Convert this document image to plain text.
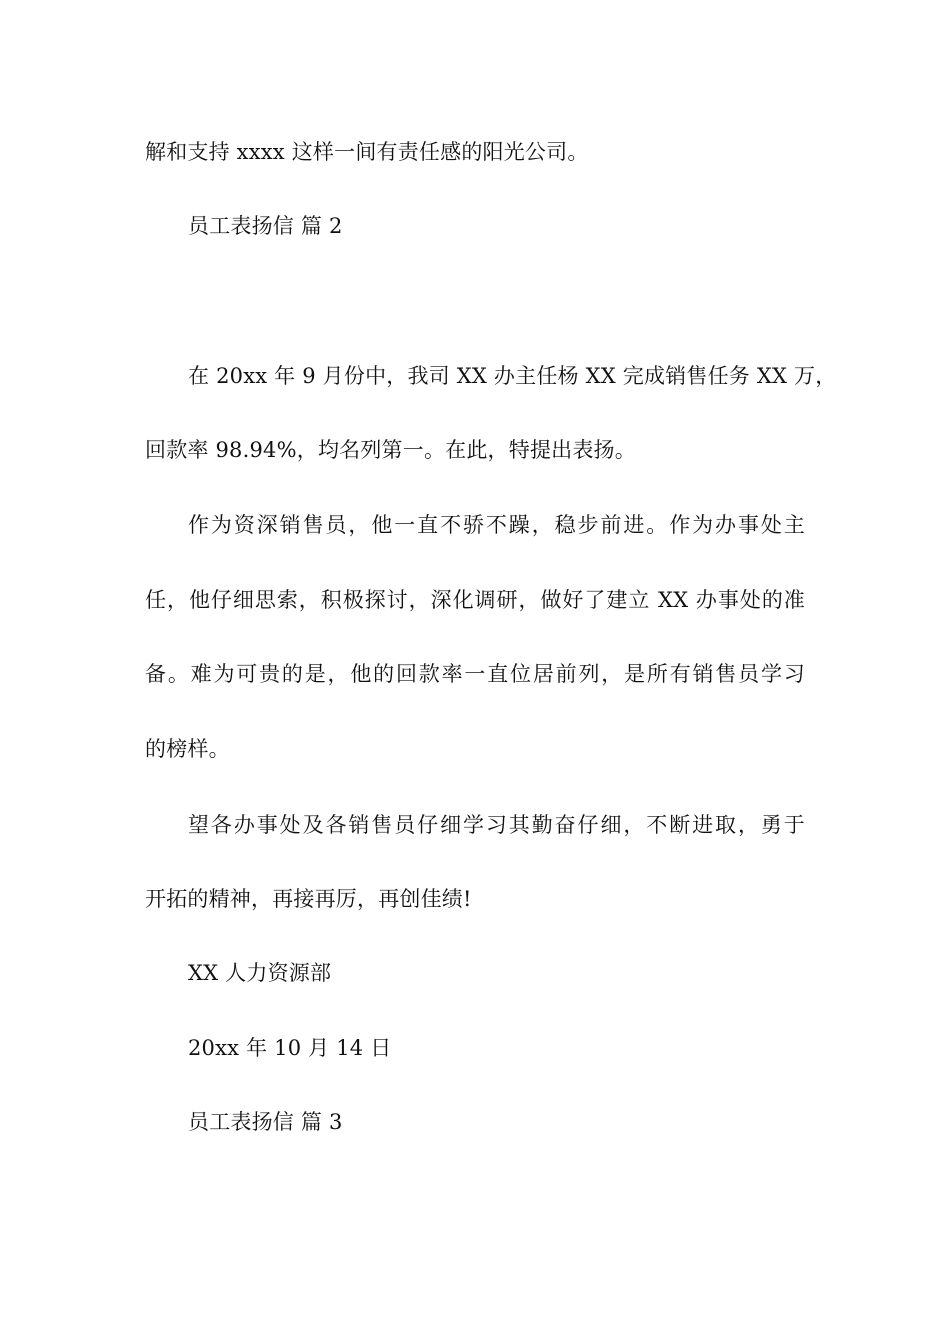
解和支持 xxxx 这样一间有责任感的阳光公司。
员工表扬信 篇 2
在 20xx 年 9 月份中，我司 XX 办主任杨 XX 完成销售任务 XX 万，
回款率 98.94%，均名列第一。在此，特提出表扬。
作为资深销售员，他一直不骄不躁，稳步前进。作为办事处主
任，他仔细思索，积极探讨，深化调研，做好了建立 XX 办事处的准
备。难为可贵的是，他的回款率一直位居前列，是所有销售员学习
的榜样。
望各办事处及各销售员仔细学习其勤奋仔细，不断进取，勇于
开拓的精神，再接再厉，再创佳绩!
XX 人力资源部
20xx 年 10 月 14 日
员工表扬信 篇 3
